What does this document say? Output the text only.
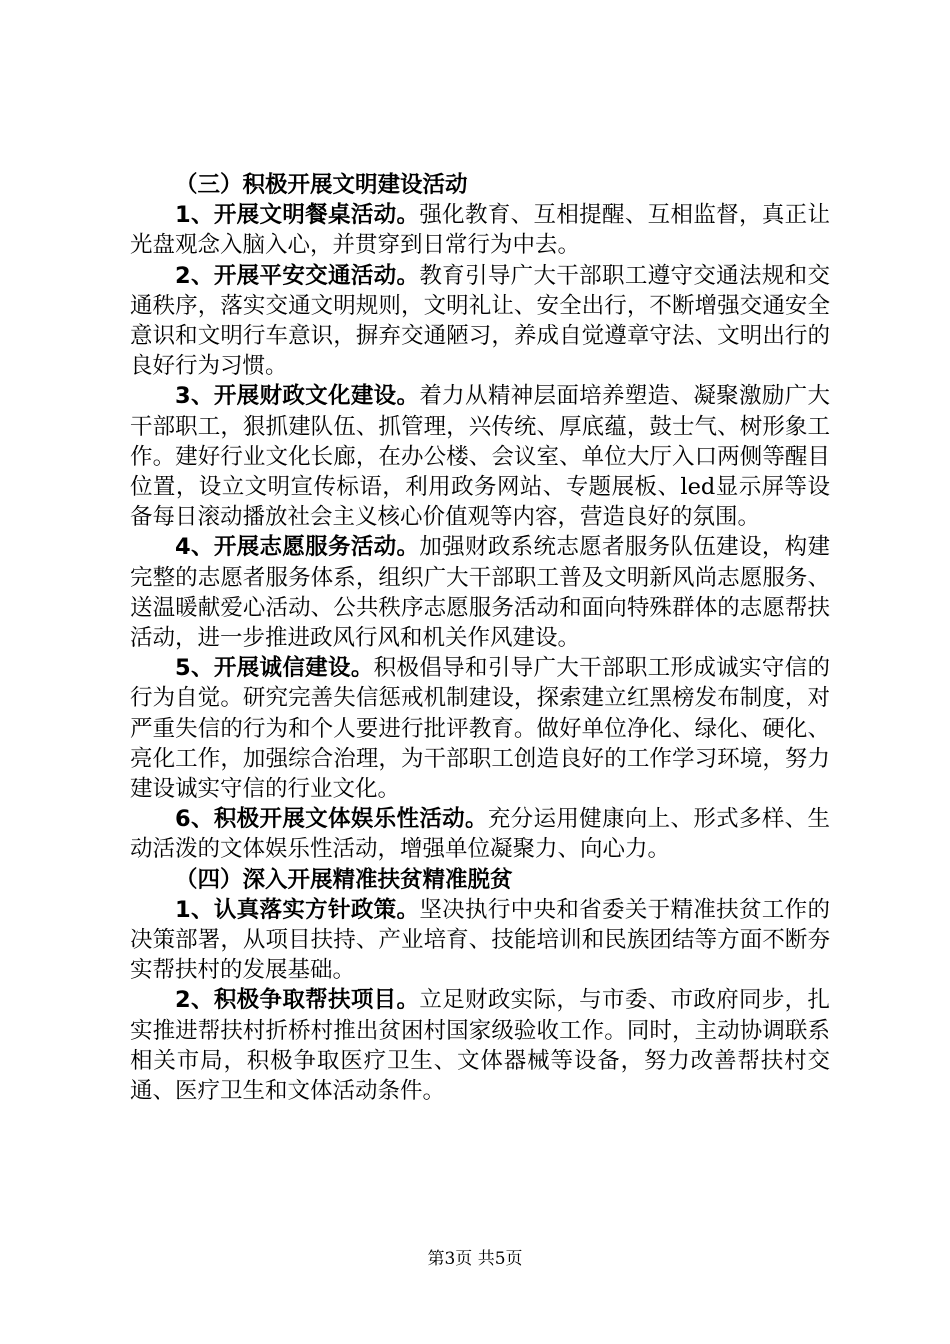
（三）积极开展文明建设活动

1、开展文明餐桌活动。强化教育、互相提醒、互相监督，真正让光盘观念入脑入心，并贯穿到日常行为中去。

2、开展平安交通活动。教育引导广大干部职工遵守交通法规和交通秩序，落实交通文明规则，文明礼让、安全出行，不断增强交通安全意识和文明行车意识，摒弃交通陋习，养成自觉遵章守法、文明出行的良好行为习惯。

3、开展财政文化建设。着力从精神层面培养塑造、凝聚激励广大干部职工，狠抓建队伍、抓管理，兴传统、厚底蕴，鼓士气、树形象工作。建好行业文化长廊，在办公楼、会议室、单位大厅入口两侧等醒目位置，设立文明宣传标语，利用政务网站、专题展板、led显示屏等设备每日滚动播放社会主义核心价值观等内容，营造良好的氛围。

4、开展志愿服务活动。加强财政系统志愿者服务队伍建设，构建完整的志愿者服务体系，组织广大干部职工普及文明新风尚志愿服务、送温暖献爱心活动、公共秩序志愿服务活动和面向特殊群体的志愿帮扶活动，进一步推进政风行风和机关作风建设。

5、开展诚信建设。积极倡导和引导广大干部职工形成诚实守信的行为自觉。研究完善失信惩戒机制建设，探索建立红黑榜发布制度，对严重失信的行为和个人要进行批评教育。做好单位净化、绿化、硬化、亮化工作，加强综合治理，为干部职工创造良好的工作学习环境，努力建设诚实守信的行业文化。

6、积极开展文体娱乐性活动。充分运用健康向上、形式多样、生动活泼的文体娱乐性活动，增强单位凝聚力、向心力。

（四）深入开展精准扶贫精准脱贫

1、认真落实方针政策。坚决执行中央和省委关于精准扶贫工作的决策部署，从项目扶持、产业培育、技能培训和民族团结等方面不断夯实帮扶村的发展基础。

2、积极争取帮扶项目。立足财政实际，与市委、市政府同步，扎实推进帮扶村折桥村推出贫困村国家级验收工作。同时，主动协调联系相关市局，积极争取医疗卫生、文体器械等设备，努力改善帮扶村交通、医疗卫生和文体活动条件。

第3页 共5页
